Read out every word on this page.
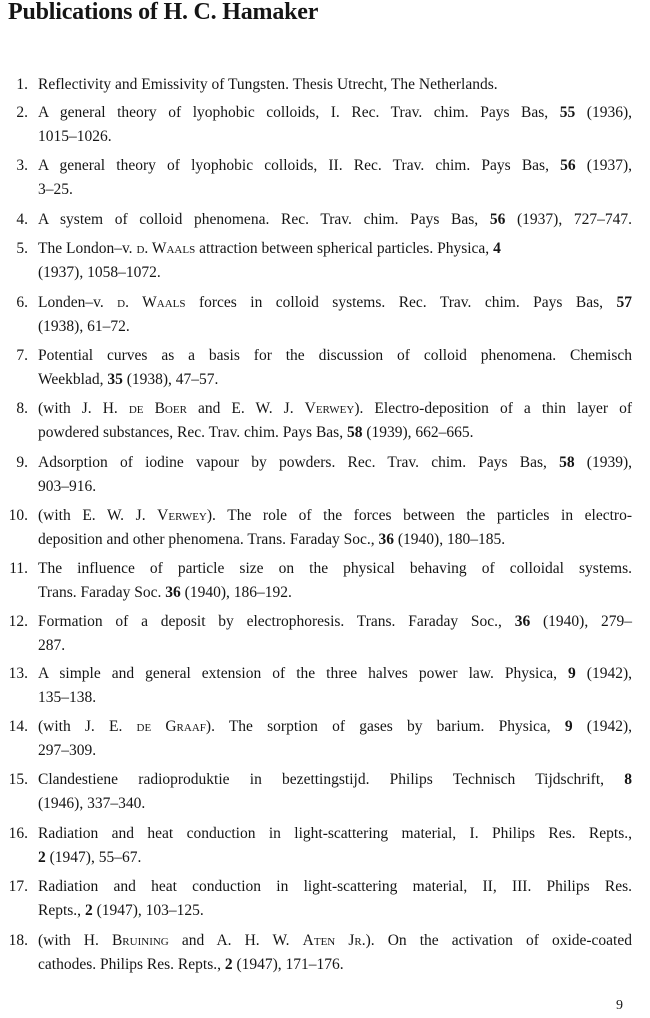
Publications of H. C. Hamaker
1. Reflectivity and Emissivity of Tungsten. Thesis Utrecht, The Netherlands.
2. A general theory of lyophobic colloids, I. Rec. Trav. chim. Pays Bas, 55 (1936),
1015–1026.
3. A general theory of lyophobic colloids, II. Rec. Trav. chim. Pays Bas, 56 (1937),
3–25.
4. A system of colloid phenomena. Rec. Trav. chim. Pays Bas, 56 (1937), 727–747.
5. The London–v. d. Waals attraction between spherical particles. Physica, 4
(1937), 1058–1072.
6. Londen–v. d. Waals forces in colloid systems. Rec. Trav. chim. Pays Bas, 57
(1938), 61–72.
7. Potential curves as a basis for the discussion of colloid phenomena. Chemisch
Weekblad, 35 (1938), 47–57.
8. (with J. H. de Boer and E. W. J. Verwey). Electro-deposition of a thin layer of
powdered substances, Rec. Trav. chim. Pays Bas, 58 (1939), 662–665.
9. Adsorption of iodine vapour by powders. Rec. Trav. chim. Pays Bas, 58 (1939),
903–916.
10. (with E. W. J. Verwey). The role of the forces between the particles in electro-
deposition and other phenomena. Trans. Faraday Soc., 36 (1940), 180–185.
11. The influence of particle size on the physical behaving of colloidal systems.
Trans. Faraday Soc. 36 (1940), 186–192.
12. Formation of a deposit by electrophoresis. Trans. Faraday Soc., 36 (1940), 279–
287.
13. A simple and general extension of the three halves power law. Physica, 9 (1942),
135–138.
14. (with J. E. de Graaf). The sorption of gases by barium. Physica, 9 (1942),
297–309.
15. Clandestiene radioproduktie in bezettingstijd. Philips Technisch Tijdschrift, 8
(1946), 337–340.
16. Radiation and heat conduction in light-scattering material, I. Philips Res. Repts.,
2 (1947), 55–67.
17. Radiation and heat conduction in light-scattering material, II, III. Philips Res.
Repts., 2 (1947), 103–125.
18. (with H. Bruining and A. H. W. Aten Jr.). On the activation of oxide-coated
cathodes. Philips Res. Repts., 2 (1947), 171–176.
9
